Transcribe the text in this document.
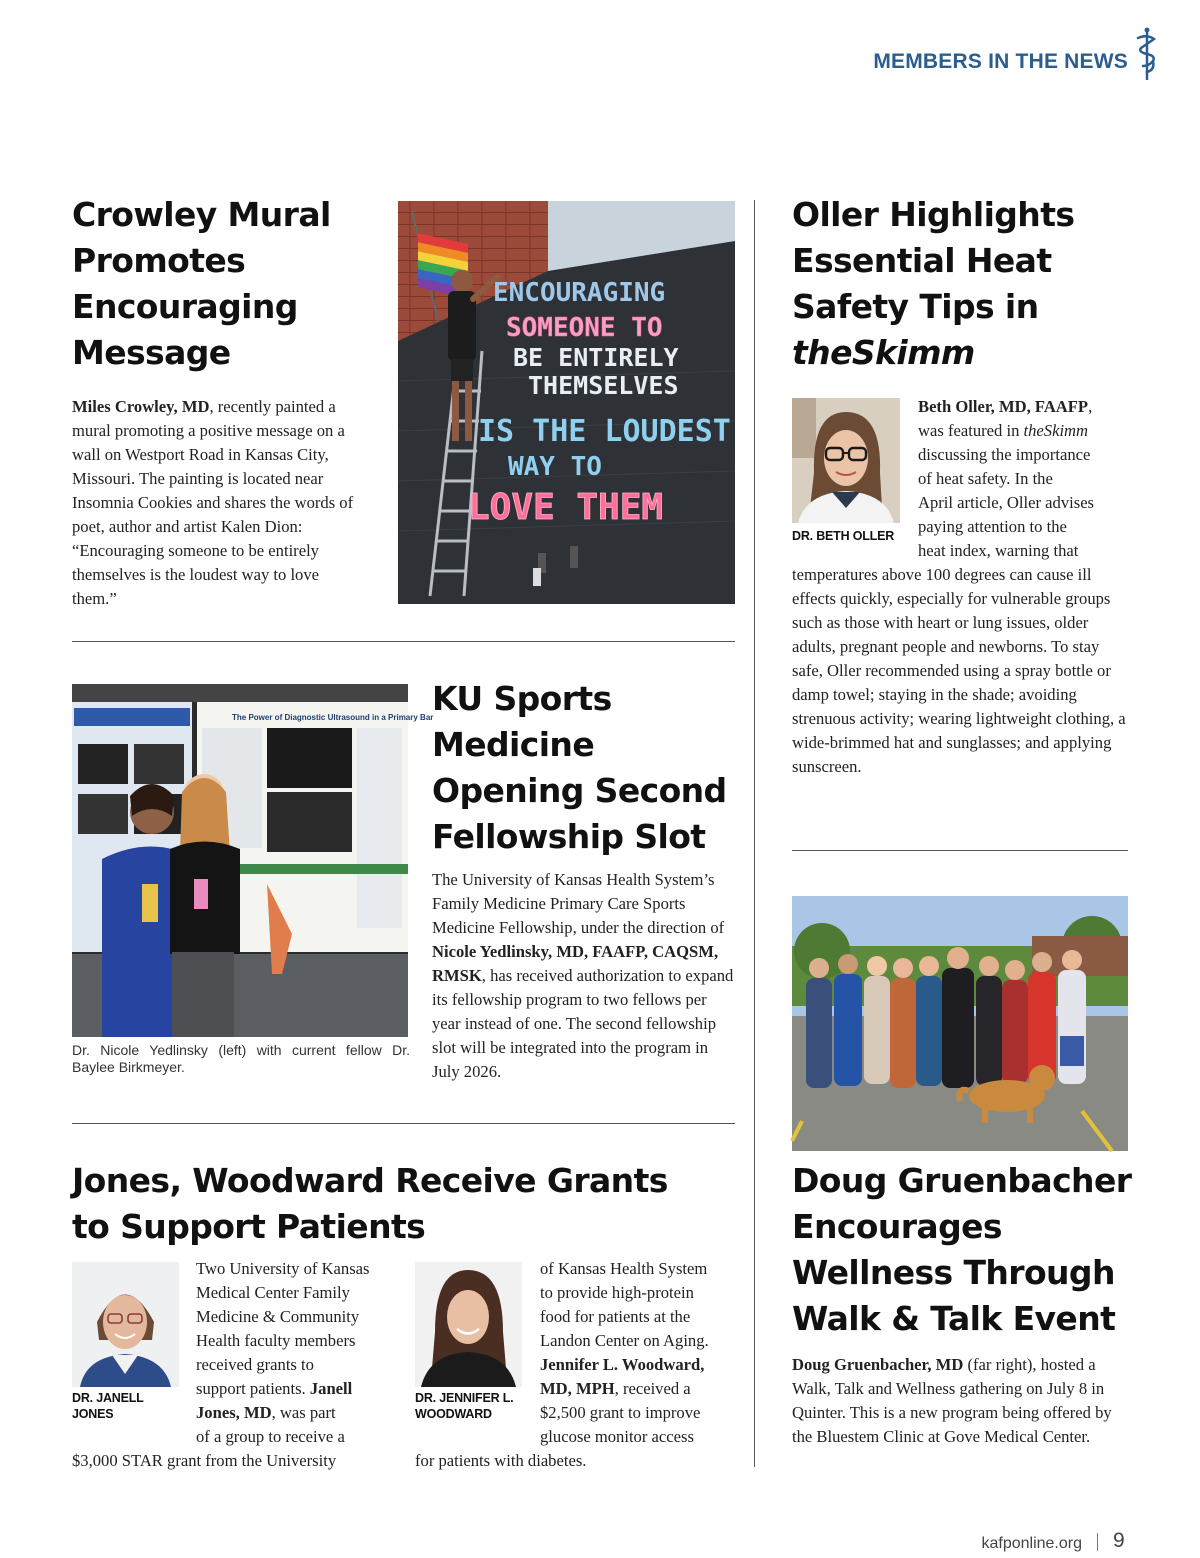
MEMBERS IN THE NEWS
Crowley Mural
Promotes
Encouraging
Message
Miles Crowley, MD, recently painted a mural promoting a positive message on a wall on Westport Road in Kansas City, Missouri. The painting is located near Insomnia Cookies and shares the words of poet, author and artist Kalen Dion: “Encouraging someone to be entirely themselves is the loudest way to love them.”
ENCOURAGING
SOMEONE TO
BE ENTIRELY
THEMSELVES
IS THE LOUDEST
WAY TO
LOVE THEM
The Power of Diagnostic Ultrasound in a Primary Bar
Dr. Nicole Yedlinsky (left) with current fellow Dr. Baylee Birkmeyer.
KU Sports
Medicine
Opening Second
Fellowship Slot
The University of Kansas Health System’s Family Medicine Primary Care Sports Medicine Fellowship, under the direction of Nicole Yedlinsky, MD, FAAFP, CAQSM, RMSK, has received authorization to expand its fellowship program to two fellows per year instead of one. The second fellowship slot will be integrated into the program in July 2026.
Jones, Woodward Receive Grants
to Support Patients
DR. JANELL
JONES
Two University of Kansas
Medical Center Family
Medicine & Community
Health faculty members
received grants to
support patients. Janell
Jones, MD, was part
of a group to receive a
$3,000 STAR grant from the University
DR. JENNIFER L.
WOODWARD
of Kansas Health System
to provide high-protein
food for patients at the
Landon Center on Aging.
Jennifer L. Woodward,
MD, MPH, received a
$2,500 grant to improve
glucose monitor access
for patients with diabetes.
Oller Highlights
Essential Heat
Safety Tips in
theSkimm
DR. BETH OLLER
Beth Oller, MD, FAAFP,
was featured in theSkimm
discussing the importance
of heat safety. In the
April article, Oller advises
paying attention to the
heat index, warning that
temperatures above 100 degrees can cause ill effects quickly, especially for vulnerable groups such as those with heart or lung issues, older adults, pregnant people and newborns. To stay safe, Oller recommended using a spray bottle or damp towel; staying in the shade; avoiding strenuous activity; wearing lightweight clothing, a wide-brimmed hat and sunglasses; and applying sunscreen.
Doug Gruenbacher
Encourages
Wellness Through
Walk & Talk Event
Doug Gruenbacher, MD (far right), hosted a Walk, Talk and Wellness gathering on July 8 in Quinter. This is a new program being offered by the Bluestem Clinic at Gove Medical Center.
kafponline.org 9
